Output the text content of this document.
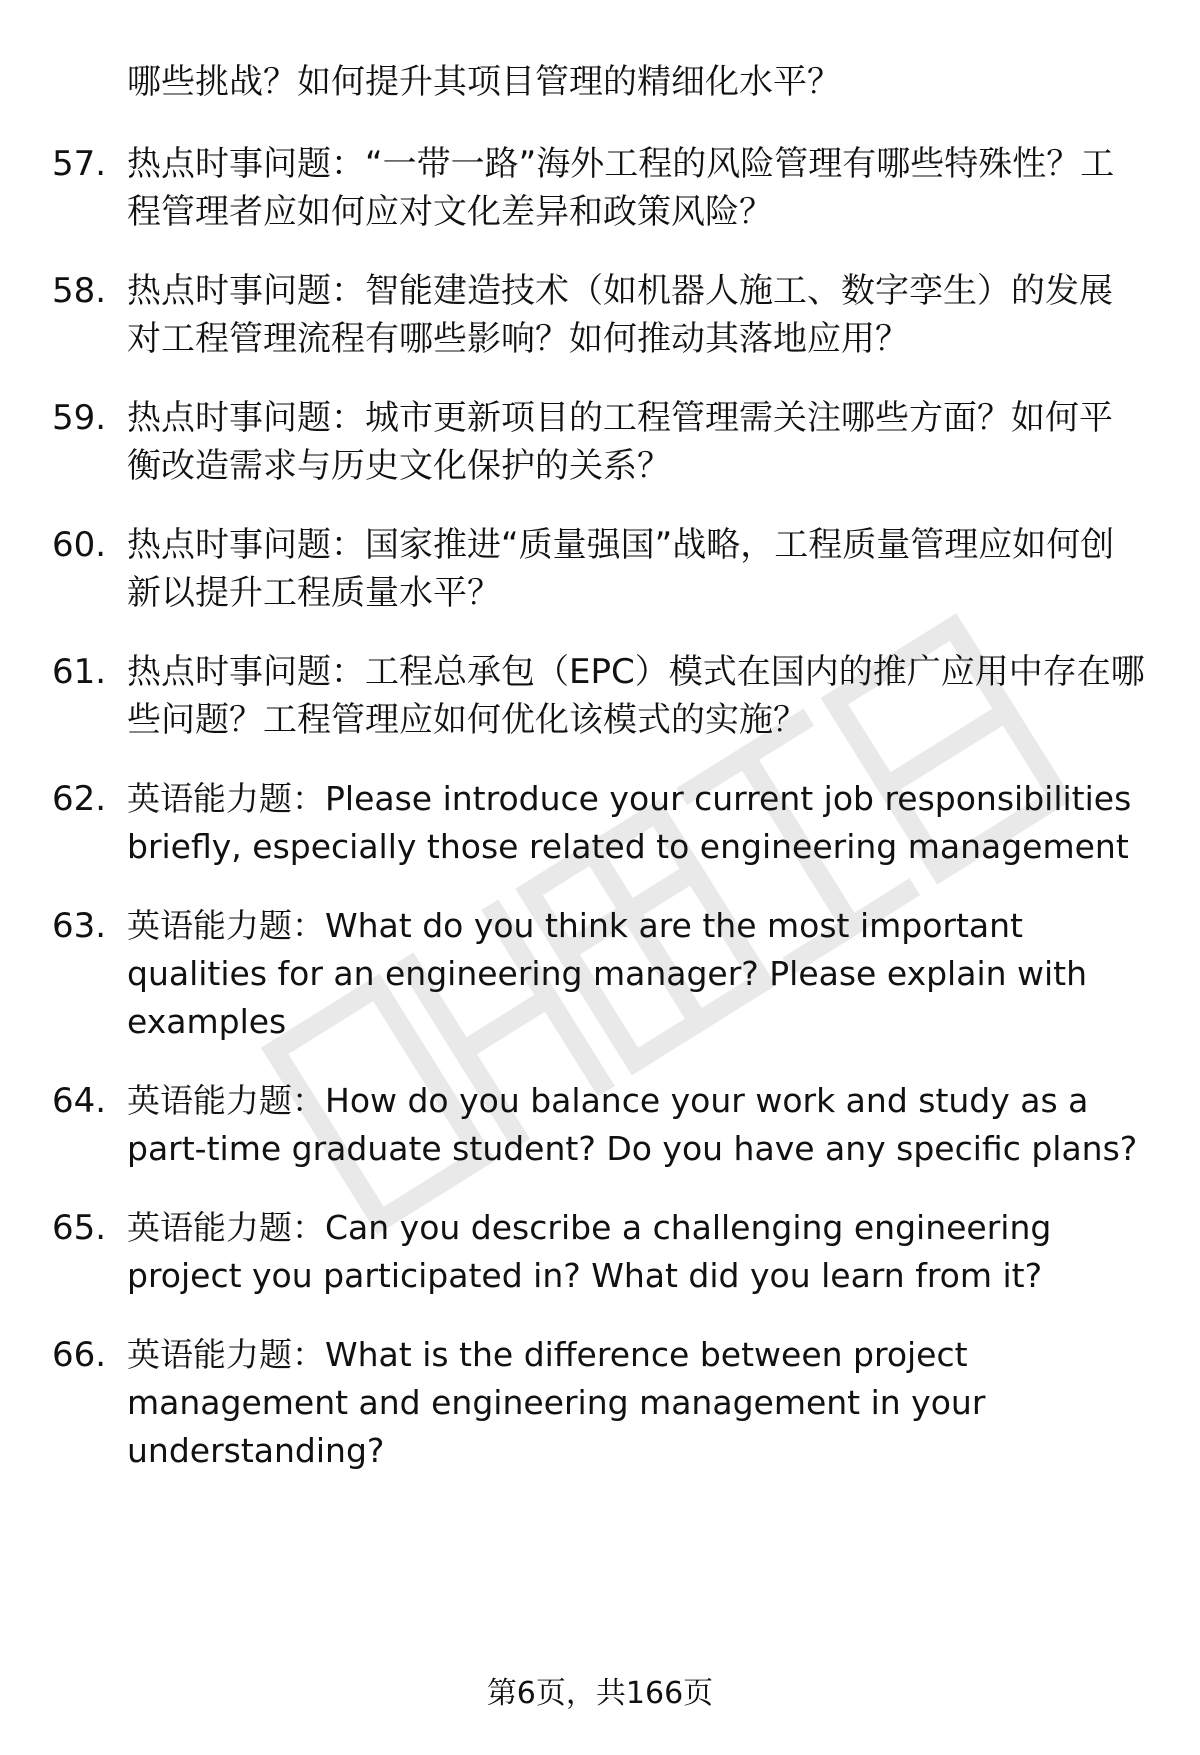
哪些挑战？如何提升其项目管理的精细化水平？
57. 热点时事问题：“一带一路”海外工程的风险管理有哪些特殊性？工程管理者应如何应对文化差异和政策风险？
58. 热点时事问题：智能建造技术（如机器人施工、数字孪生）的发展对工程管理流程有哪些影响？如何推动其落地应用？
59. 热点时事问题：城市更新项目的工程管理需关注哪些方面？如何平衡改造需求与历史文化保护的关系？
60. 热点时事问题：国家推进“质量强国”战略，工程质量管理应如何创新以提升工程质量水平？
61. 热点时事问题：工程总承包（EPC）模式在国内的推广应用中存在哪些问题？工程管理应如何优化该模式的实施？
62. 英语能力题：Please introduce your current job responsibilities briefly, especially those related to engineering management
63. 英语能力题：What do you think are the most important qualities for an engineering manager? Please explain with examples
64. 英语能力题：How do you balance your work and study as a part-time graduate student? Do you have any specific plans?
65. 英语能力题：Can you describe a challenging engineering project you participated in? What did you learn from it?
66. 英语能力题：What is the difference between project management and engineering management in your understanding?
第6页，共166页
